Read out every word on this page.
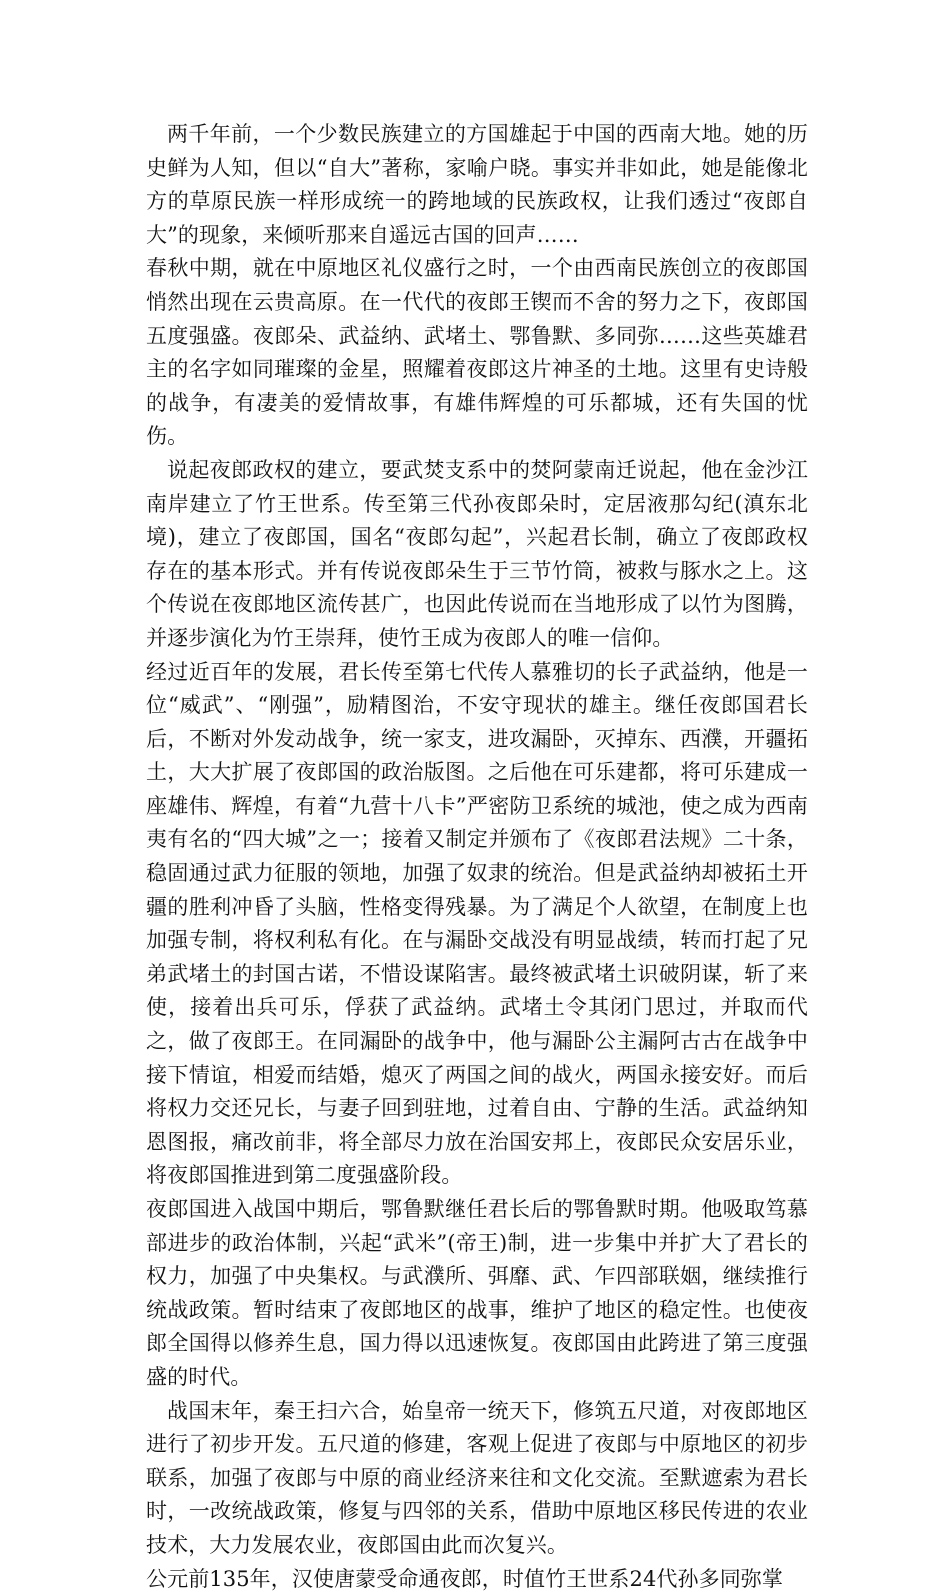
两千年前，一个少数民族建立的方国雄起于中国的西南大地。她的历史鲜为人知，但以“自大”著称，家喻户晓。事实并非如此，她是能像北方的草原民族一样形成统一的跨地域的民族政权，让我们透过“夜郎自大”的现象，来倾听那来自遥远古国的回声……

春秋中期，就在中原地区礼仪盛行之时，一个由西南民族创立的夜郎国悄然出现在云贵高原。在一代代的夜郎王锲而不舍的努力之下，夜郎国五度强盛。夜郎朵、武益纳、武堵土、鄂鲁默、多同弥……这些英雄君主的名字如同璀璨的金星，照耀着夜郎这片神圣的土地。这里有史诗般的战争，有凄美的爱情故事，有雄伟辉煌的可乐都城，还有失国的忧伤。

说起夜郎政权的建立，要武焚支系中的焚阿蒙南迁说起，他在金沙江南岸建立了竹王世系。传至第三代孙夜郎朵时，定居液那勾纪(滇东北境)，建立了夜郎国，国名“夜郎勾起”，兴起君长制，确立了夜郎政权存在的基本形式。并有传说夜郎朵生于三节竹筒，被救与豚水之上。这个传说在夜郎地区流传甚广，也因此传说而在当地形成了以竹为图腾，并逐步演化为竹王崇拜，使竹王成为夜郎人的唯一信仰。

经过近百年的发展，君长传至第七代传人慕雅切的长子武益纳，他是一位“威武”、“刚强”，励精图治，不安守现状的雄主。继任夜郎国君长后，不断对外发动战争，统一家支，进攻漏卧，灭掉东、西濮，开疆拓土，大大扩展了夜郎国的政治版图。之后他在可乐建都，将可乐建成一座雄伟、辉煌，有着“九营十八卡”严密防卫系统的城池，使之成为西南夷有名的“四大城”之一；接着又制定并颁布了《夜郎君法规》二十条，稳固通过武力征服的领地，加强了奴隶的统治。但是武益纳却被拓土开疆的胜利冲昏了头脑，性格变得残暴。为了满足个人欲望，在制度上也加强专制，将权利私有化。在与漏卧交战没有明显战绩，转而打起了兄弟武堵土的封国古诺，不惜设谋陷害。最终被武堵土识破阴谋，斩了来使，接着出兵可乐，俘获了武益纳。武堵土令其闭门思过，并取而代之，做了夜郎王。在同漏卧的战争中，他与漏卧公主漏阿古古在战争中接下情谊，相爱而结婚，熄灭了两国之间的战火，两国永接安好。而后将权力交还兄长，与妻子回到驻地，过着自由、宁静的生活。武益纳知恩图报，痛改前非，将全部尽力放在治国安邦上，夜郎民众安居乐业，将夜郎国推进到第二度强盛阶段。

夜郎国进入战国中期后，鄂鲁默继任君长后的鄂鲁默时期。他吸取笃慕部进步的政治体制，兴起“武米”(帝王)制，进一步集中并扩大了君长的权力，加强了中央集权。与武濮所、弭靡、武、乍四部联姻，继续推行统战政策。暂时结束了夜郎地区的战事，维护了地区的稳定性。也使夜郎全国得以修养生息，国力得以迅速恢复。夜郎国由此跨进了第三度强盛的时代。

战国末年，秦王扫六合，始皇帝一统天下，修筑五尺道，对夜郎地区进行了初步开发。五尺道的修建，客观上促进了夜郎与中原地区的初步联系，加强了夜郎与中原的商业经济来往和文化交流。至默遮索为君长时，一改统战政策，修复与四邻的关系，借助中原地区移民传进的农业技术，大力发展农业，夜郎国由此而次复兴。

公元前135年，汉使唐蒙受命通夜郎，时值竹王世系24代孙多同弥掌
